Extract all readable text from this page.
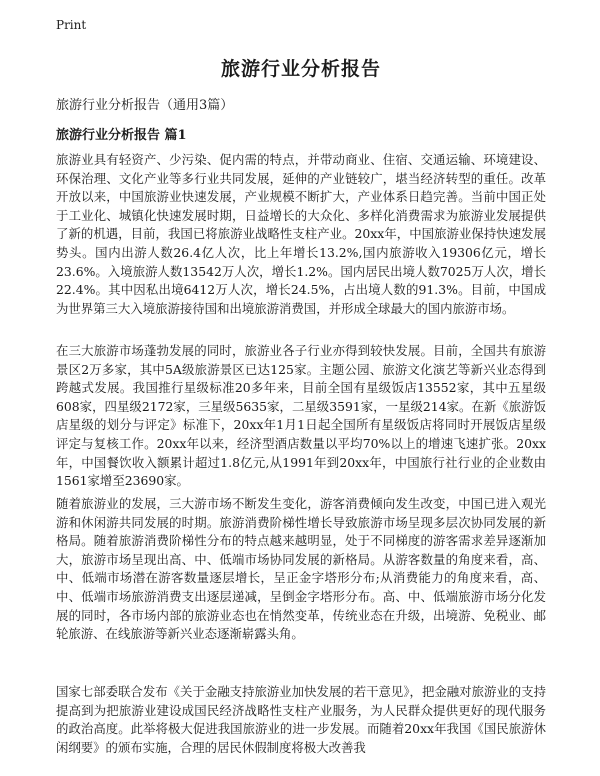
Print
旅游行业分析报告
旅游行业分析报告（通用3篇）
旅游行业分析报告 篇1

旅游业具有轻资产、少污染、促内需的特点，并带动商业、住宿、交通运输、环境建设、环保治理、文化产业等多行业共同发展，延伸的产业链较广，堪当经济转型的重任。改革开放以来，中国旅游业快速发展，产业规模不断扩大，产业体系日趋完善。当前中国正处于工业化、城镇化快速发展时期，日益增长的大众化、多样化消费需求为旅游业发展提供了新的机遇，目前，我国已将旅游业战略性支柱产业。20xx年，中国旅游业保持快速发展势头。国内出游人数26.4亿人次，比上年增长13.2%,国内旅游收入19306亿元，增长23.6%。入境旅游人数13542万人次，增长1.2%。国内居民出境人数7025万人次，增长22.4%。其中因私出境6412万人次，增长24.5%，占出境人数的91.3%。目前，中国成为世界第三大入境旅游接待国和出境旅游消费国，并形成全球最大的国内旅游市场。

在三大旅游市场蓬勃发展的同时，旅游业各子行业亦得到较快发展。目前，全国共有旅游景区2万多家，其中5A级旅游景区已达125家。主题公园、旅游文化演艺等新兴业态得到跨越式发展。我国推行星级标准20多年来，目前全国有星级饭店13552家，其中五星级608家，四星级2172家，三星级5635家，二星级3591家，一星级214家。在新《旅游饭店星级的划分与评定》标准下，20xx年1月1日起全国所有星级饭店将同时开展饭店星级评定与复核工作。20xx年以来，经济型酒店数量以平均70%以上的增速飞速扩张。20xx年，中国餐饮收入额累计超过1.8亿元,从1991年到20xx年，中国旅行社行业的企业数由1561家增至23690家。

随着旅游业的发展，三大游市场不断发生变化，游客消费倾向发生改变，中国已进入观光游和休闲游共同发展的时期。旅游消费阶梯性增长导致旅游市场呈现多层次协同发展的新格局。随着旅游消费阶梯性分布的特点越来越明显，处于不同梯度的游客需求差异逐渐加大，旅游市场呈现出高、中、低端市场协同发展的新格局。从游客数量的角度来看，高、中、低端市场潜在游客数量逐层增长，呈正金字塔形分布;从消费能力的角度来看，高、中、低端市场旅游消费支出逐层递减，呈倒金字塔形分布。高、中、低端旅游市场分化发展的同时，各市场内部的旅游业态也在悄然变革，传统业态在升级，出境游、免税业、邮轮旅游、在线旅游等新兴业态逐渐崭露头角。

国家七部委联合发布《关于金融支持旅游业加快发展的若干意见》，把金融对旅游业的支持提高到为把旅游业建设成国民经济战略性支柱产业服务，为人民群众提供更好的现代服务的政治高度。此举将极大促进我国旅游业的进一步发展。而随着20xx年我国《国民旅游休闲纲要》的颁布实施，合理的居民休假制度将极大改善我
